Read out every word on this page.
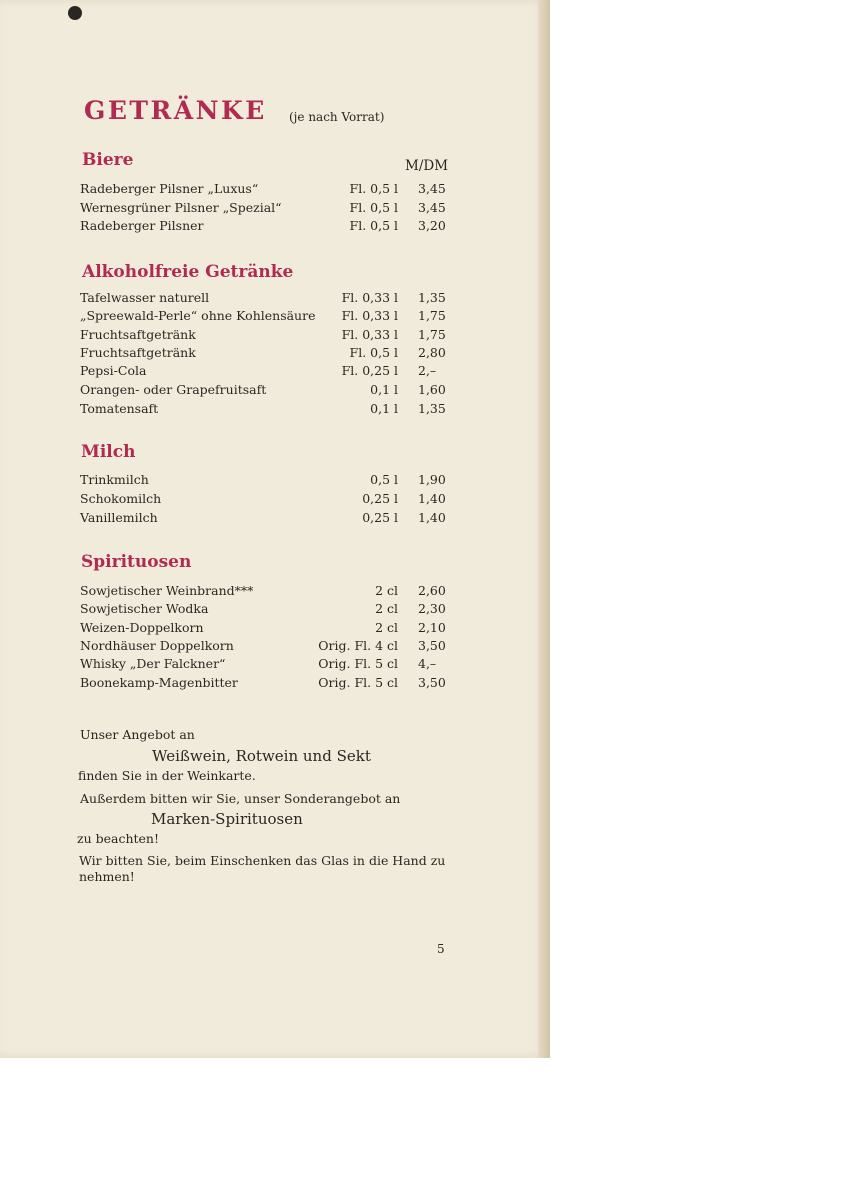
GETRÄNKE (je nach Vorrat)
M/DM
Biere
Radeberger Pilsner „Luxus“	Fl. 0,5 l 3,45
Wernesgrüner Pilsner „Spezial“	Fl. 0,5 l 3,45
Radeberger Pilsner	Fl. 0,5 l 3,20
Alkoholfreie Getränke
Tafelwasser naturell	Fl. 0,33 l 1,35
„Spreewald-Perle“ ohne Kohlensäure Fl. 0,33 l 1,75
Fruchtsaftgetränk	Fl. 0,33 l 1,75
Fruchtsaftgetränk	Fl. 0,5 l 2,80
Pepsi-Cola	Fl. 0,25 l 2,–
Orangen- oder Grapefruitsaft	0,1 l 1,60
Tomatensaft	0,1 l 1,35
Milch
Trinkmilch	0,5 l 1,90
Schokomilch	0,25 l 1,40
Vanillemilch	0,25 l 1,40
Spirituosen
Sowjetischer Weinbrand***	2 cl 2,60
Sowjetischer Wodka	2 cl 2,30
Weizen-Doppelkorn	2 cl 2,10
Nordhäuser Doppelkorn	Orig. Fl. 4 cl 3,50
Whisky „Der Falckner“	Orig. Fl. 5 cl 4,–
Boonekamp-Magenbitter	Orig. Fl. 5 cl 3,50
Unser Angebot an
Weißwein, Rotwein und Sekt
finden Sie in der Weinkarte.
Außerdem bitten wir Sie, unser Sonderangebot an
Marken-Spirituosen
zu beachten!
Wir bitten Sie, beim Einschenken das Glas in die Hand zu
nehmen!
5
